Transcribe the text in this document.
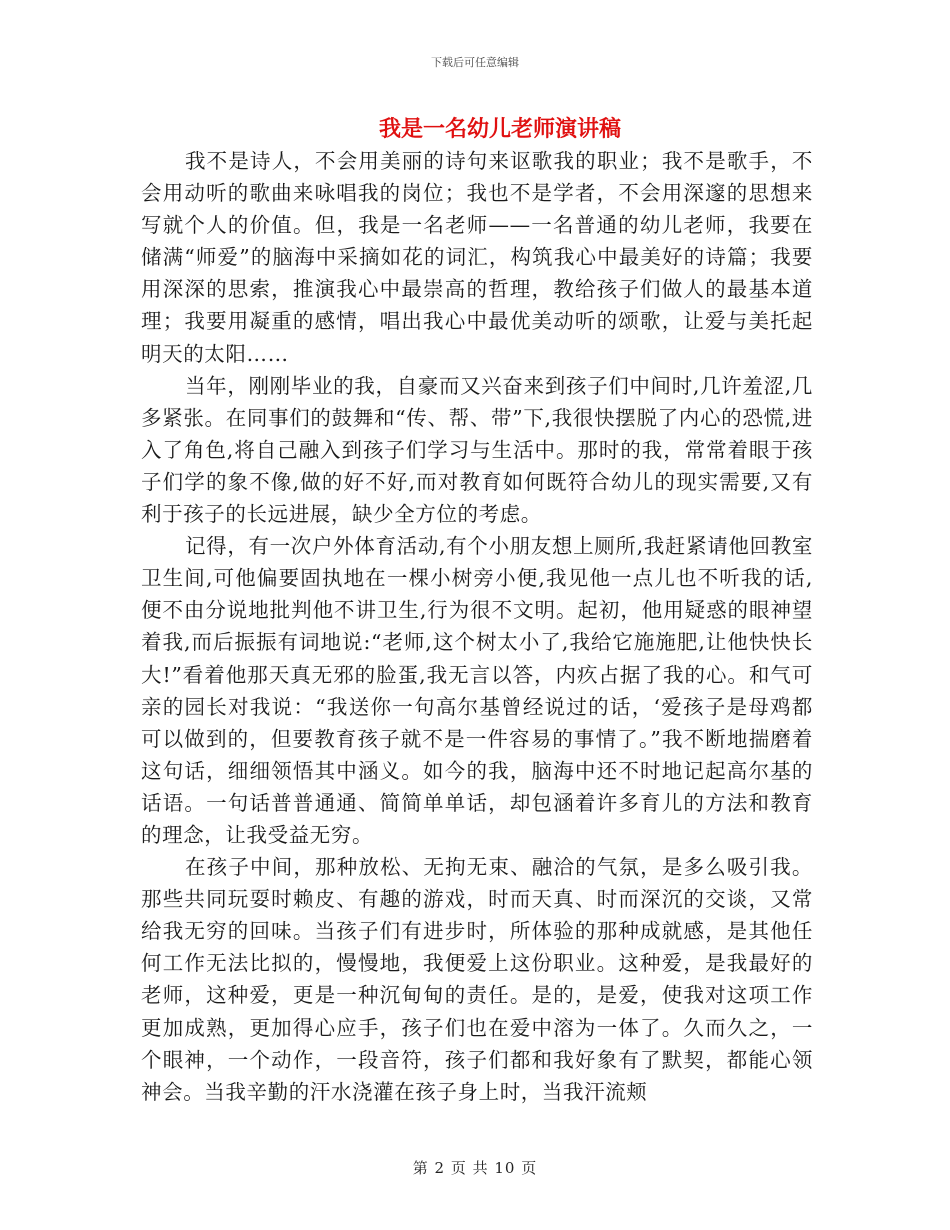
下载后可任意编辑
我是一名幼儿老师演讲稿

我不是诗人，不会用美丽的诗句来讴歌我的职业；我不是歌手，不会用动听的歌曲来咏唱我的岗位；我也不是学者，不会用深邃的思想来写就个人的价值。但，我是一名老师——一名普通的幼儿老师，我要在储满“师爱”的脑海中采摘如花的词汇，构筑我心中最美好的诗篇；我要用深深的思索，推演我心中最崇高的哲理，教给孩子们做人的最基本道理；我要用凝重的感情，唱出我心中最优美动听的颂歌，让爱与美托起明天的太阳……

当年，刚刚毕业的我，自豪而又兴奋来到孩子们中间时,几许羞涩,几多紧张。在同事们的鼓舞和“传、帮、带”下,我很快摆脱了内心的恐慌,进入了角色,将自己融入到孩子们学习与生活中。那时的我，常常着眼于孩子们学的象不像,做的好不好,而对教育如何既符合幼儿的现实需要,又有利于孩子的长远进展，缺少全方位的考虑。

记得，有一次户外体育活动,有个小朋友想上厕所,我赶紧请他回教室卫生间,可他偏要固执地在一棵小树旁小便,我见他一点儿也不听我的话,便不由分说地批判他不讲卫生,行为很不文明。起初，他用疑惑的眼神望着我,而后振振有词地说:“老师,这个树太小了,我给它施施肥,让他快快长大!”看着他那天真无邪的脸蛋,我无言以答，内疚占据了我的心。和气可亲的园长对我说：“我送你一句高尔基曾经说过的话，‘爱孩子是母鸡都可以做到的，但要教育孩子就不是一件容易的事情了。”我不断地揣磨着这句话，细细领悟其中涵义。如今的我，脑海中还不时地记起高尔基的话语。一句话普普通通、简简单单话，却包涵着许多育儿的方法和教育的理念，让我受益无穷。

在孩子中间，那种放松、无拘无束、融洽的气氛，是多么吸引我。那些共同玩耍时赖皮、有趣的游戏，时而天真、时而深沉的交谈，又常给我无穷的回味。当孩子们有进步时，所体验的那种成就感，是其他任何工作无法比拟的，慢慢地，我便爱上这份职业。这种爱，是我最好的老师，这种爱，更是一种沉甸甸的责任。是的，是爱，使我对这项工作更加成熟，更加得心应手，孩子们也在爱中溶为一体了。久而久之，一个眼神，一个动作，一段音符，孩子们都和我好象有了默契，都能心领神会。当我辛勤的汗水浇灌在孩子身上时，当我汗流颊

第 2 页 共 10 页
